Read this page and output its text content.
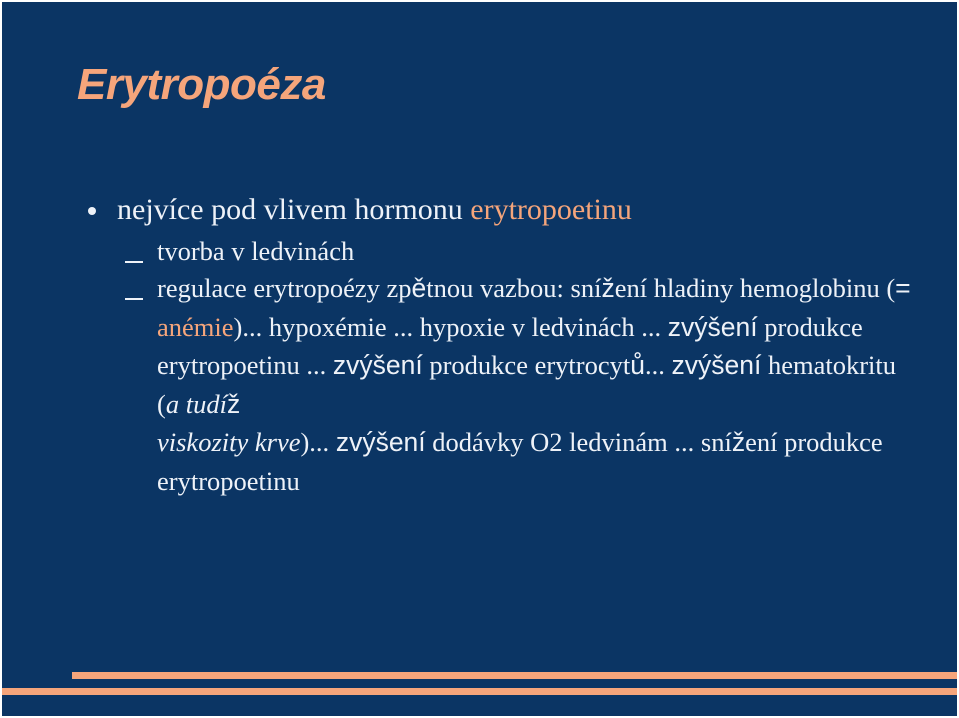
Erytropoéza
nejvíce pod vlivem hormonu erytropoetinu
tvorba v ledvinách
regulace erytropoézy zpětnou vazbou: snížení hladiny hemoglobinu (= anémie)... hypoxémie ... hypoxie v ledvinách ... zvýšení produkce erytropoetinu ... zvýšení produkce erytrocytů... zvýšení hematokritu (a tudíž
viskozity krve)... zvýšení dodávky O2 ledvinám ... snížení produkce erytropoetinu
